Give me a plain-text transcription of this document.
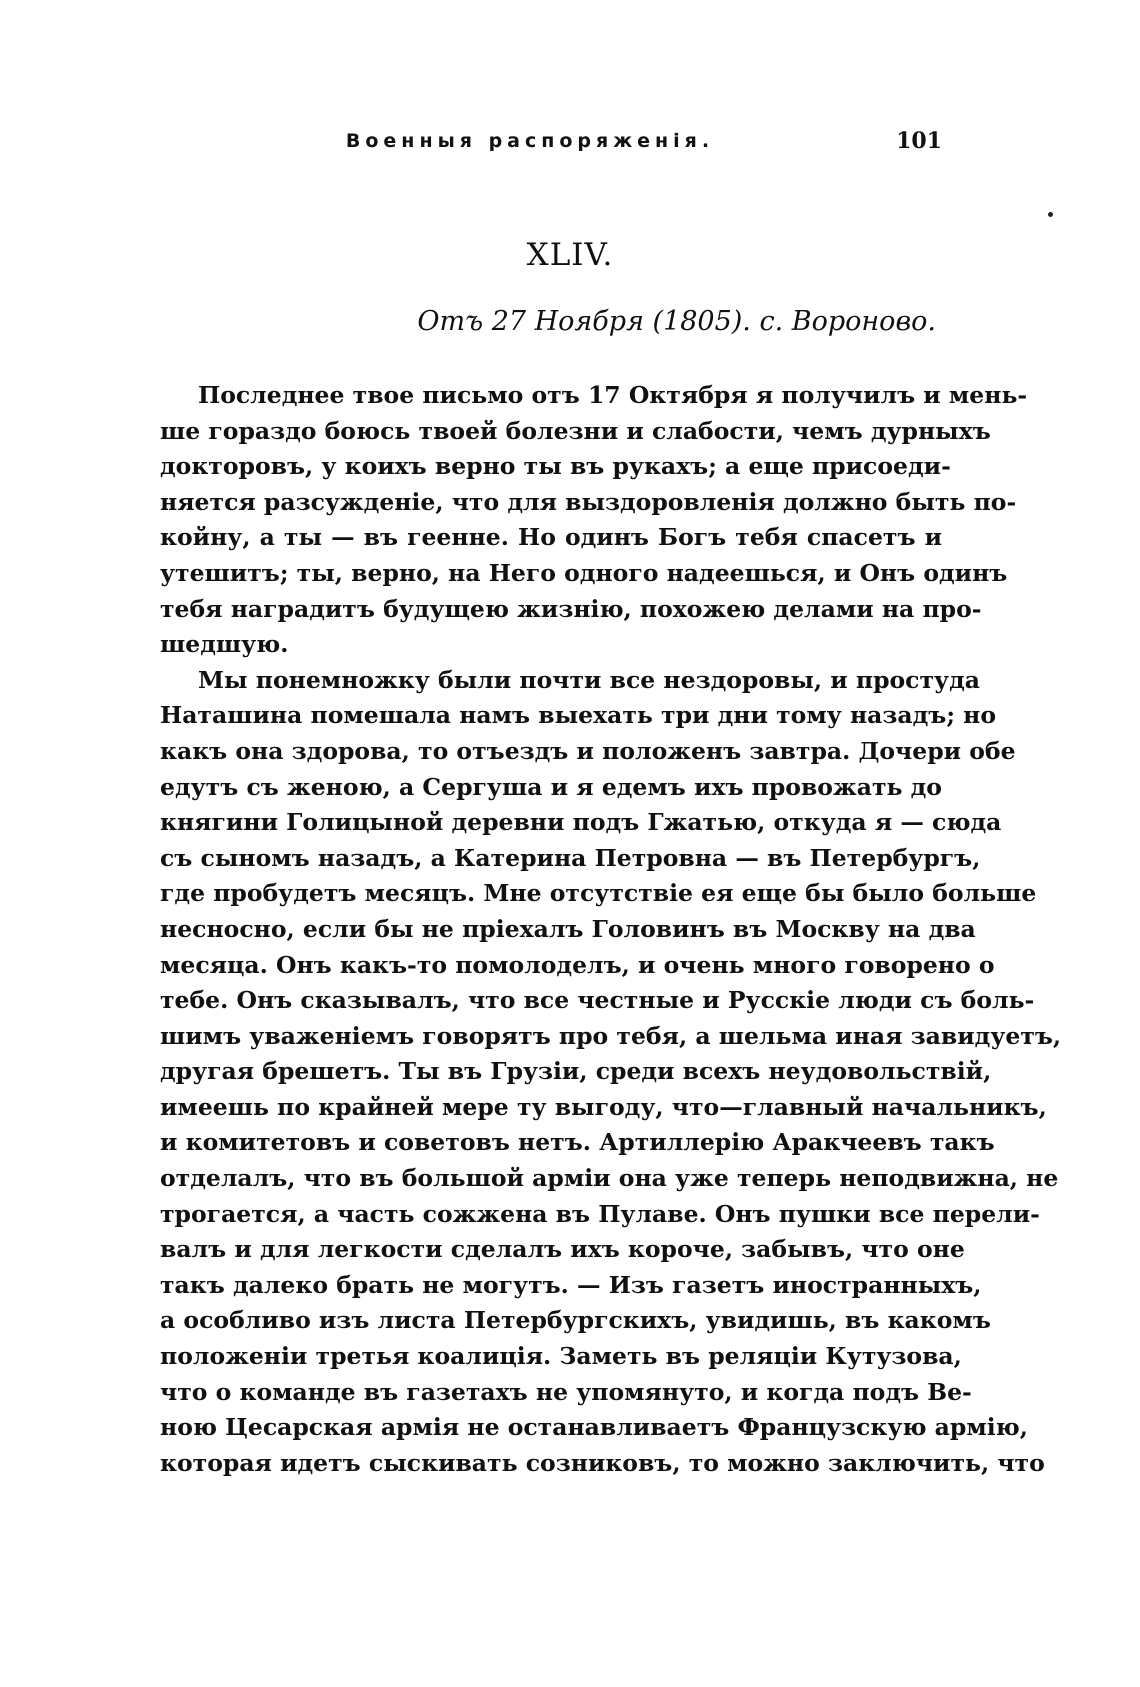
Военныя распоряженія.	101
XLIV.
Отъ 27 Ноября (1805). с. Вороново.

Последнее твое письмо отъ 17 Октября я получилъ и мень-
ше гораздо боюсь твоей болезни и слабости, чемъ дурныхъ
докторовъ, у коихъ верно ты въ рукахъ; а еще присоеди-
няется разсужденіе, что для выздоровленія должно быть по-
койну, а ты — въ геенне. Но одинъ Богъ тебя спасетъ и
утешитъ; ты, верно, на Него одного надеешься, и Онъ одинъ
тебя наградитъ будущею жизнію, похожею делами на про-
шедшую.

Мы понемножку были почти все нездоровы, и простуда
Наташина помешала намъ выехать три дни тому назадъ; но
какъ она здорова, то отъездъ и положенъ завтра. Дочери обе
едутъ съ женою, а Сергуша и я едемъ ихъ провожать до
княгини Голицыной деревни подъ Гжатью, откуда я — сюда
съ сыномъ назадъ, а Катерина Петровна — въ Петербургъ,
где пробудетъ месяцъ. Мне отсутствіе ея еще бы было больше
несносно, если бы не пріехалъ Головинъ въ Москву на два
месяца. Онъ какъ-то помолоделъ, и очень много говорено о
тебе. Онъ сказывалъ, что все честные и Русскіе люди съ боль-
шимъ уваженіемъ говорятъ про тебя, а шельма иная завидуетъ,
другая брешетъ. Ты въ Грузіи, среди всехъ неудовольствій,
имеешь по крайней мере ту выгоду, что—главный начальникъ,
и комитетовъ и советовъ нетъ. Артиллерію Аракчеевъ такъ
отделалъ, что въ большой арміи она уже теперь неподвижна, не
трогается, а часть сожжена въ Пулаве. Онъ пушки все перели-
валъ и для легкости сделалъ ихъ короче, забывъ, что оне
такъ далеко брать не могутъ. — Изъ газетъ иностранныхъ,
а особливо изъ листа Петербургскихъ, увидишь, въ какомъ
положеніи третья коалиція. Заметь въ реляціи Кутузова,
что о команде въ газетахъ не упомянуто, и когда подъ Ве-
ною Цесарская армія не останавливаетъ Французскую армію,
которая идетъ сыскивать созниковъ, то можно заключить, что
